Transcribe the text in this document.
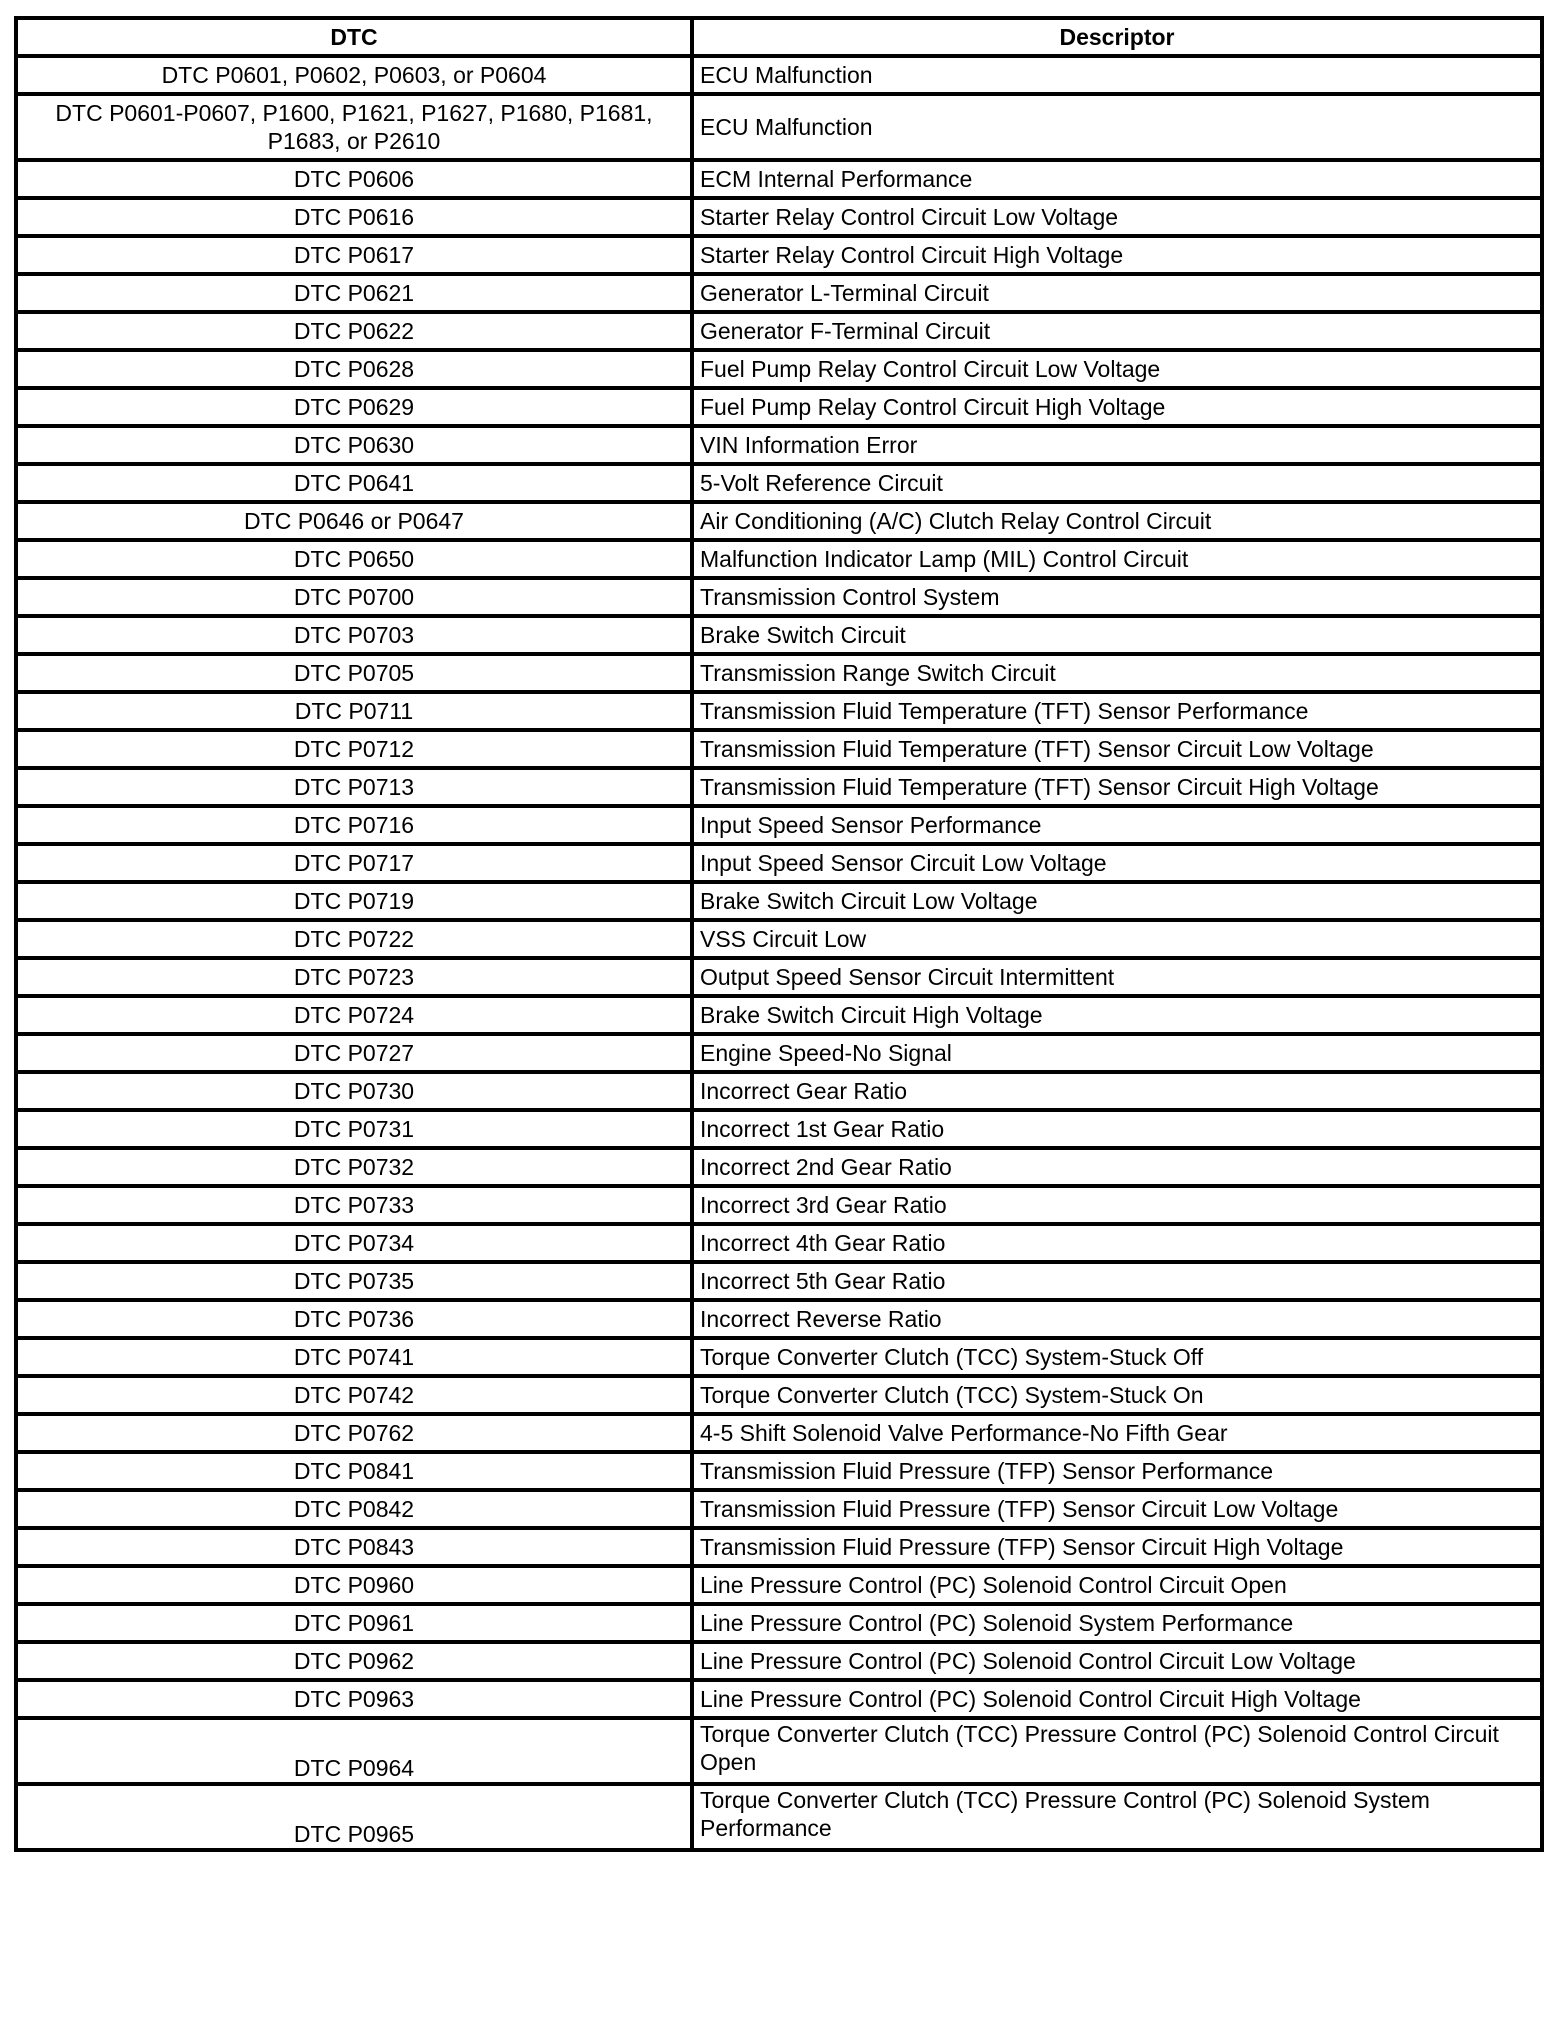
DTC	Descriptor
DTC P0601, P0602, P0603, or P0604	ECU Malfunction
DTC P0601-P0607, P1600, P1621, P1627, P1680, P1681, P1683, or P2610	ECU Malfunction
DTC P0606	ECM Internal Performance
DTC P0616	Starter Relay Control Circuit Low Voltage
DTC P0617	Starter Relay Control Circuit High Voltage
DTC P0621	Generator L-Terminal Circuit
DTC P0622	Generator F-Terminal Circuit
DTC P0628	Fuel Pump Relay Control Circuit Low Voltage
DTC P0629	Fuel Pump Relay Control Circuit High Voltage
DTC P0630	VIN Information Error
DTC P0641	5-Volt Reference Circuit
DTC P0646 or P0647	Air Conditioning (A/C) Clutch Relay Control Circuit
DTC P0650	Malfunction Indicator Lamp (MIL) Control Circuit
DTC P0700	Transmission Control System
DTC P0703	Brake Switch Circuit
DTC P0705	Transmission Range Switch Circuit
DTC P0711	Transmission Fluid Temperature (TFT) Sensor Performance
DTC P0712	Transmission Fluid Temperature (TFT) Sensor Circuit Low Voltage
DTC P0713	Transmission Fluid Temperature (TFT) Sensor Circuit High Voltage
DTC P0716	Input Speed Sensor Performance
DTC P0717	Input Speed Sensor Circuit Low Voltage
DTC P0719	Brake Switch Circuit Low Voltage
DTC P0722	VSS Circuit Low
DTC P0723	Output Speed Sensor Circuit Intermittent
DTC P0724	Brake Switch Circuit High Voltage
DTC P0727	Engine Speed-No Signal
DTC P0730	Incorrect Gear Ratio
DTC P0731	Incorrect 1st Gear Ratio
DTC P0732	Incorrect 2nd Gear Ratio
DTC P0733	Incorrect 3rd Gear Ratio
DTC P0734	Incorrect 4th Gear Ratio
DTC P0735	Incorrect 5th Gear Ratio
DTC P0736	Incorrect Reverse Ratio
DTC P0741	Torque Converter Clutch (TCC) System-Stuck Off
DTC P0742	Torque Converter Clutch (TCC) System-Stuck On
DTC P0762	4-5 Shift Solenoid Valve Performance-No Fifth Gear
DTC P0841	Transmission Fluid Pressure (TFP) Sensor Performance
DTC P0842	Transmission Fluid Pressure (TFP) Sensor Circuit Low Voltage
DTC P0843	Transmission Fluid Pressure (TFP) Sensor Circuit High Voltage
DTC P0960	Line Pressure Control (PC) Solenoid Control Circuit Open
DTC P0961	Line Pressure Control (PC) Solenoid System Performance
DTC P0962	Line Pressure Control (PC) Solenoid Control Circuit Low Voltage
DTC P0963	Line Pressure Control (PC) Solenoid Control Circuit High Voltage
DTC P0964	Torque Converter Clutch (TCC) Pressure Control (PC) Solenoid Control Circuit Open
DTC P0965	Torque Converter Clutch (TCC) Pressure Control (PC) Solenoid System Performance
